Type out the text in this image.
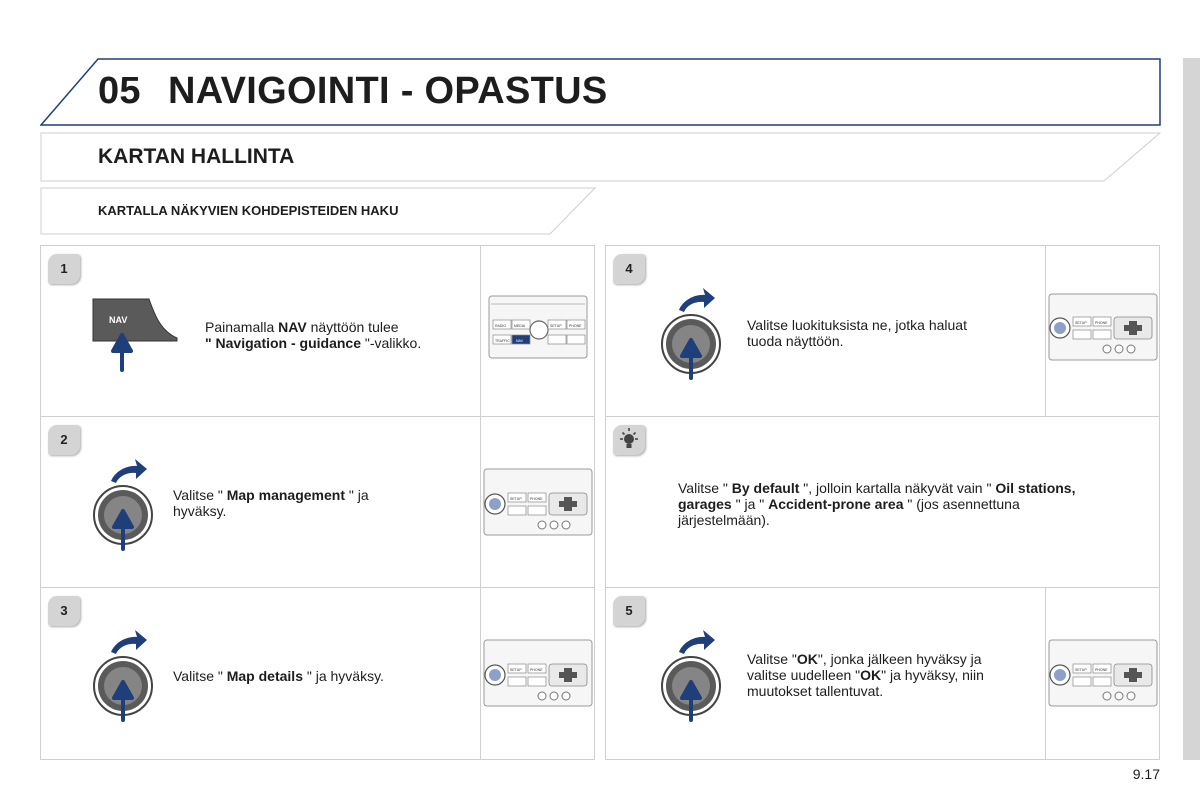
05 NAVIGOINTI - OPASTUS
KARTAN HALLINTA
KARTALLA NÄKYVIEN KOHDEPISTEIDEN HAKU
1
NAV	Painamalla NAV näyttöön tulee
" Navigation - guidance "-valikko.
RADIO MEDIA	SETUP PHONE
TRAFFIC NAV
2
Valitse " Map management " ja
hyväksy.
SETUP PHONE
3
Valitse " Map details " ja hyväksy.	SETUP PHONE
4
Valitse luokituksista ne, jotka haluat
tuoda näyttöön.
SETUP PHONE
Valitse " By default ", jolloin kartalla näkyvät vain " Oil stations,
garages " ja " Accident-prone area " (jos asennettuna
järjestelmään).
5
Valitse "OK", jonka jälkeen hyväksy ja
valitse uudelleen "OK" ja hyväksy, niin
muutokset tallentuvat.
SETUP PHONE
9.17
